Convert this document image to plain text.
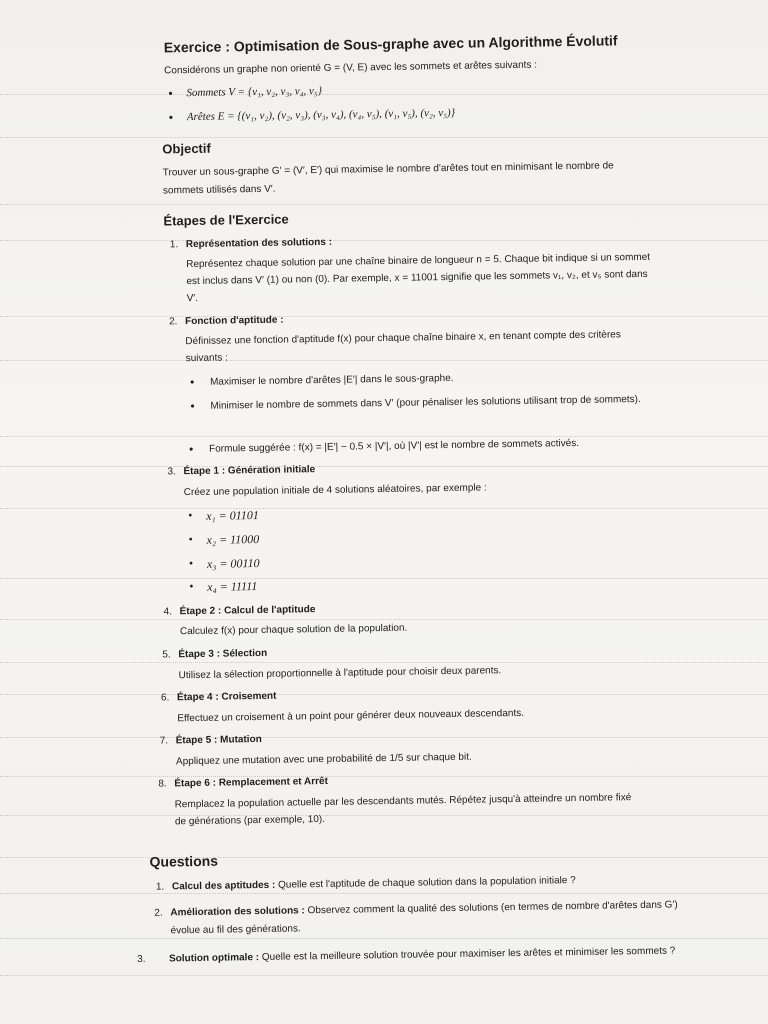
Exercice : Optimisation de Sous-graphe avec un Algorithme Évolutif
Considérons un graphe non orienté G = (V, E) avec les sommets et arêtes suivants :
• Sommets V = {v₁, v₂, v₃, v₄, v₅}
• Arêtes E = {(v₁, v₂), (v₂, v₃), (v₃, v₄), (v₄, v₅), (v₁, v₅), (v₂, v₅)}
Objectif
Trouver un sous-graphe G′ = (V′, E′) qui maximise le nombre d'arêtes tout en minimisant le nombre de sommets utilisés dans V′.
Étapes de l'Exercice
1. Représentation des solutions :
Représentez chaque solution par une chaîne binaire de longueur n = 5. Chaque bit indique si un sommet est inclus dans V′ (1) ou non (0). Par exemple, x = 11001 signifie que les sommets v₁, v₂, et v₅ sont dans V′.
2. Fonction d'aptitude :
Définissez une fonction d'aptitude f(x) pour chaque chaîne binaire x, en tenant compte des critères suivants :
• Maximiser le nombre d'arêtes |E′| dans le sous-graphe.
• Minimiser le nombre de sommets dans V′ (pour pénaliser les solutions utilisant trop de sommets).
• Formule suggérée : f(x) = |E′| − 0.5 × |V′|, où |V′| est le nombre de sommets activés.
3. Étape 1 : Génération initiale
Créez une population initiale de 4 solutions aléatoires, par exemple :
• x₁ = 01101
• x₂ = 11000
• x₃ = 00110
• x₄ = 11111
4. Étape 2 : Calcul de l'aptitude
Calculez f(x) pour chaque solution de la population.
5. Étape 3 : Sélection
Utilisez la sélection proportionnelle à l'aptitude pour choisir deux parents.
6. Étape 4 : Croisement
Effectuez un croisement à un point pour générer deux nouveaux descendants.
7. Étape 5 : Mutation
Appliquez une mutation avec une probabilité de 1/5 sur chaque bit.
8. Étape 6 : Remplacement et Arrêt
Remplacez la population actuelle par les descendants mutés. Répétez jusqu'à atteindre un nombre fixé de générations (par exemple, 10).
Questions
1. Calcul des aptitudes : Quelle est l'aptitude de chaque solution dans la population initiale ?
2. Amélioration des solutions : Observez comment la qualité des solutions (en termes de nombre d'arêtes dans G′) évolue au fil des générations.
3. Solution optimale : Quelle est la meilleure solution trouvée pour maximiser les arêtes et minimiser les sommets ?
